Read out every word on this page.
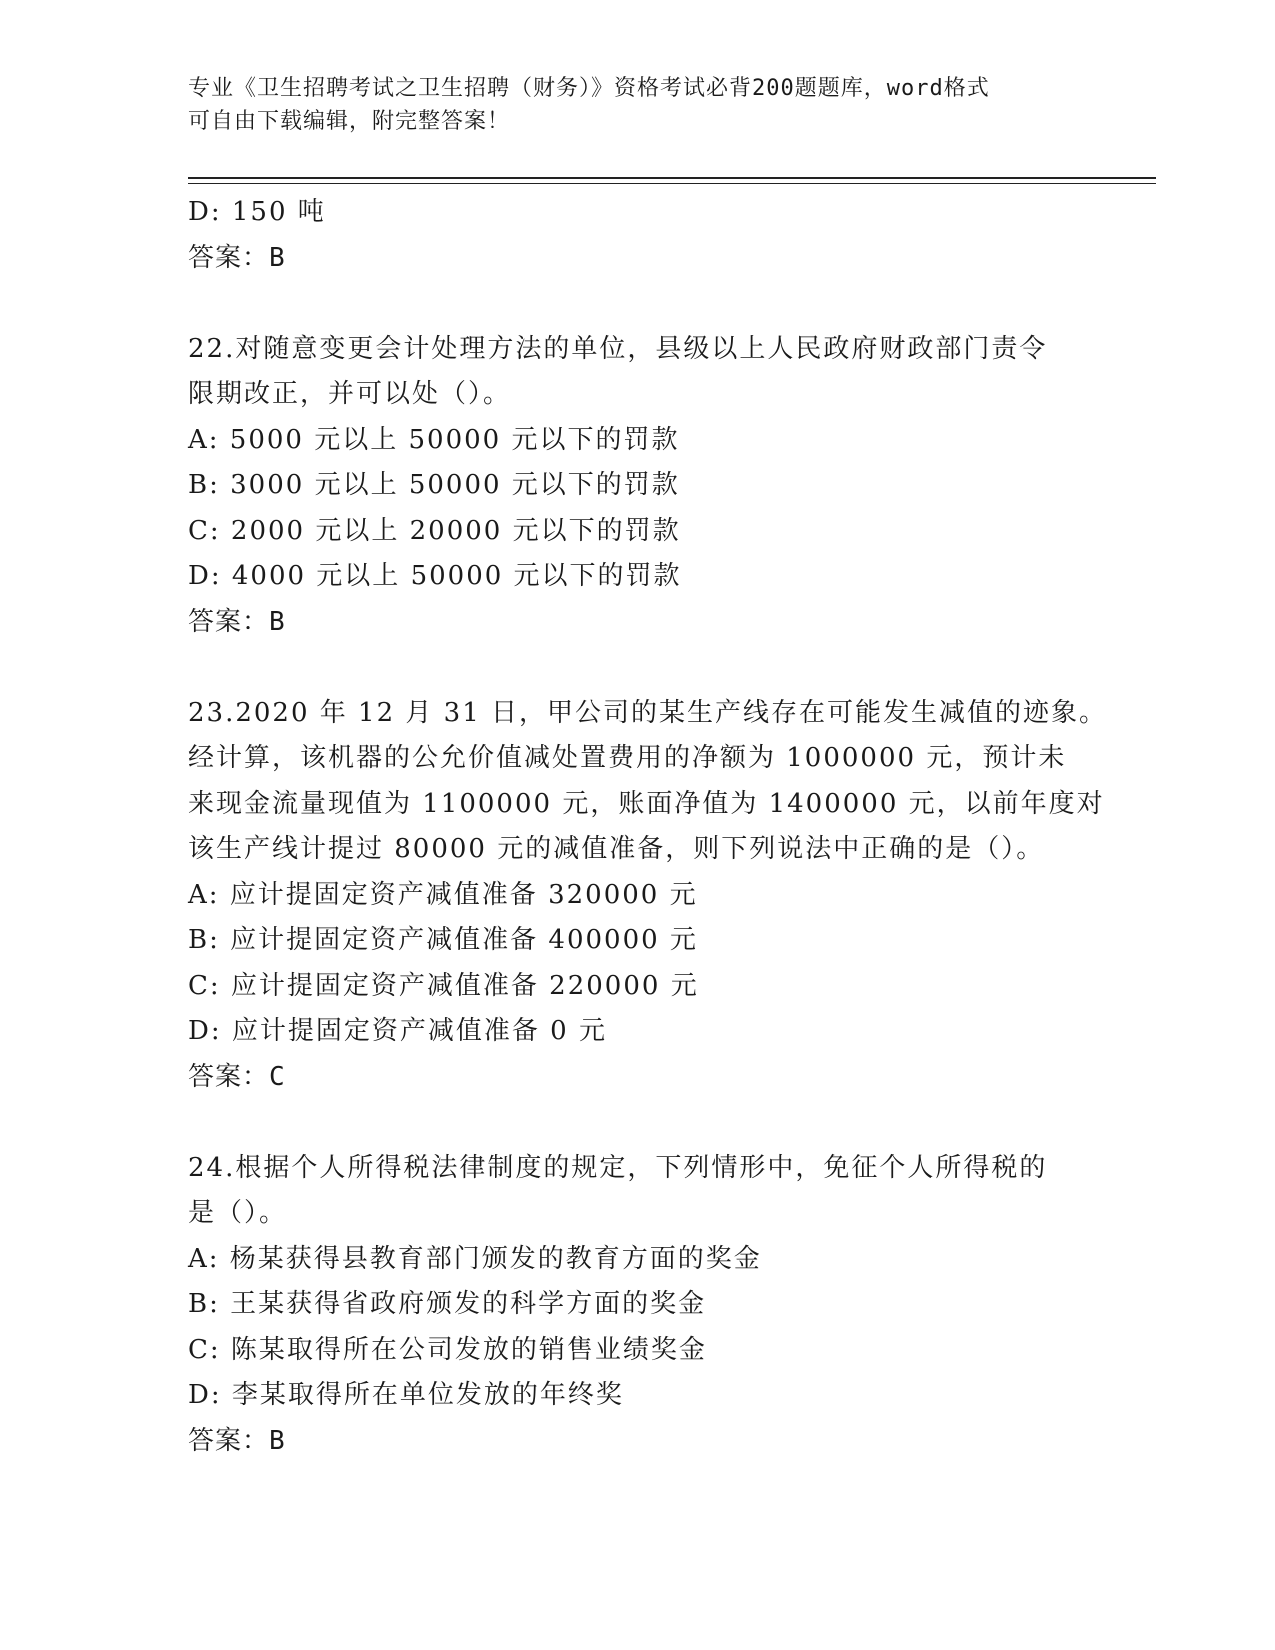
专业《卫生招聘考试之卫生招聘（财务）》资格考试必背200题题库，word格式
可自由下载编辑，附完整答案！
D: 150 吨
答案：B
22.对随意变更会计处理方法的单位，县级以上人民政府财政部门责令
限期改正，并可以处（）。
A: 5000 元以上 50000 元以下的罚款
B: 3000 元以上 50000 元以下的罚款
C: 2000 元以上 20000 元以下的罚款
D: 4000 元以上 50000 元以下的罚款
答案：B
23.2020 年 12 月 31 日，甲公司的某生产线存在可能发生减值的迹象。
经计算，该机器的公允价值减处置费用的净额为 1000000 元，预计未
来现金流量现值为 1100000 元，账面净值为 1400000 元，以前年度对
该生产线计提过 80000 元的减值准备，则下列说法中正确的是（）。
A: 应计提固定资产减值准备 320000 元
B: 应计提固定资产减值准备 400000 元
C: 应计提固定资产减值准备 220000 元
D: 应计提固定资产减值准备 0 元
答案：C
24.根据个人所得税法律制度的规定，下列情形中，免征个人所得税的
是（）。
A: 杨某获得县教育部门颁发的教育方面的奖金
B: 王某获得省政府颁发的科学方面的奖金
C: 陈某取得所在公司发放的销售业绩奖金
D: 李某取得所在单位发放的年终奖
答案：B
